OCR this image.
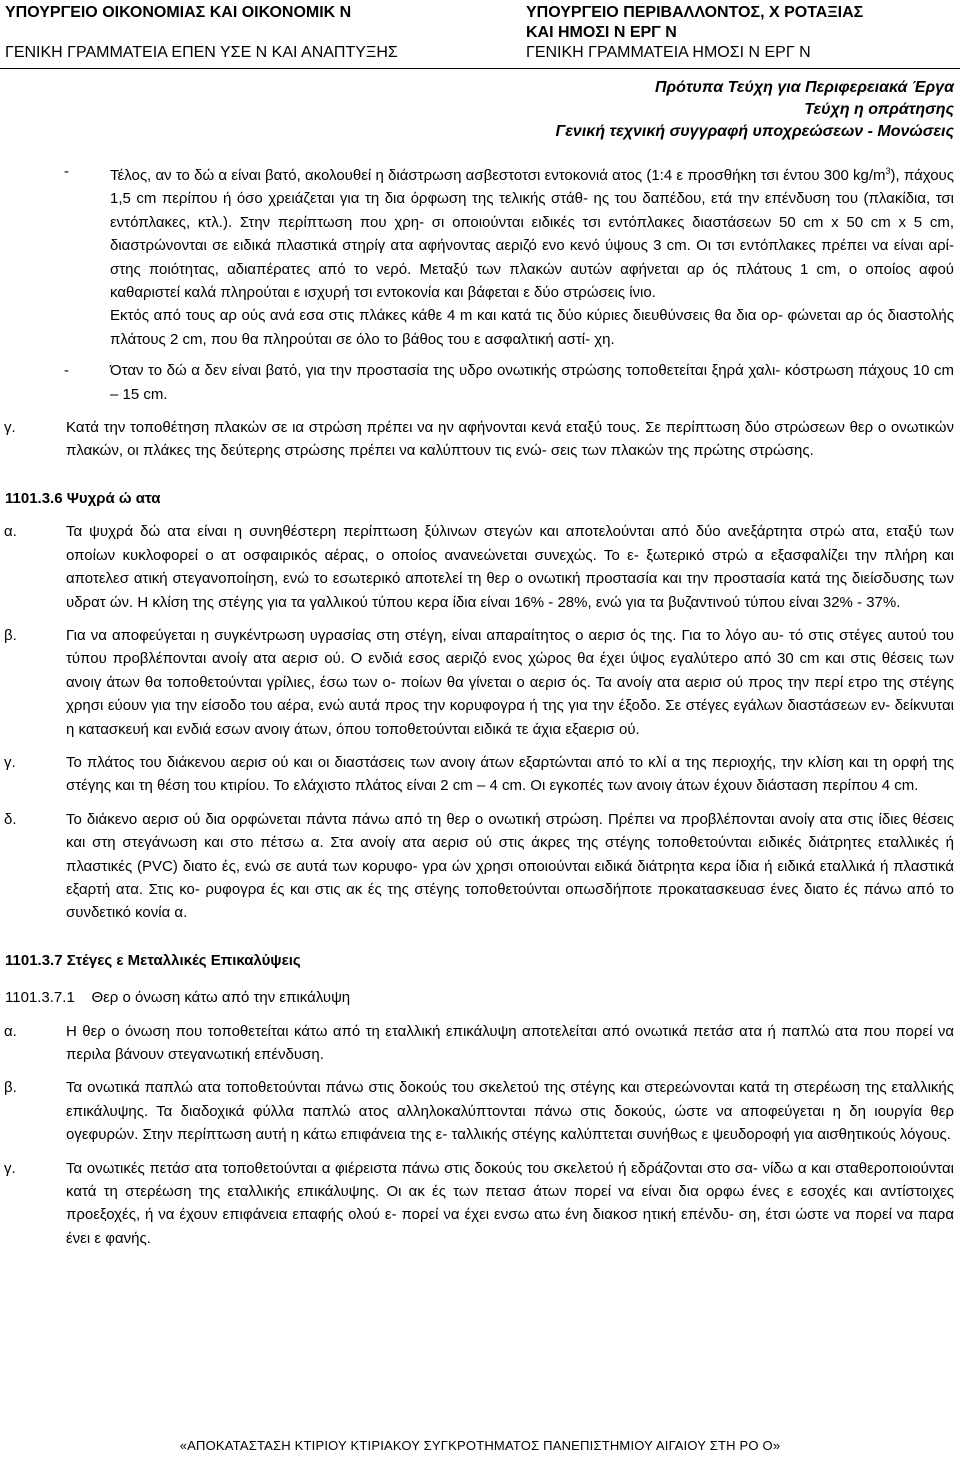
ΥΠΟΥΡΓΕΙΟ ΟΙΚΟΝΟΜΙΑΣ ΚΑΙ ΟΙΚΟΝΟΜΙΚ Ν	ΥΠΟΥΡΓΕΙΟ ΠΕΡΙΒΑΛΛΟΝΤΟΣ, Χ ΡΟΤΑΞΙΑΣ
ΚΑΙ ΗΜΟΣΙ Ν ΕΡΓ Ν
ΓΕΝΙΚΗ ΓΡΑΜΜΑΤΕΙΑ ΕΠΕΝ ΥΣΕ Ν ΚΑΙ ΑΝΑΠΤΥΞΗΣ	ΓΕΝΙΚΗ ΓΡΑΜΜΑΤΕΙΑ ΗΜΟΣΙ Ν ΕΡΓ Ν
Πρότυπα Τεύχη για Περιφερειακά Έργα
Τεύχη η οπράτησης
Γενική τεχνική συγγραφή υποχρεώσεων - Μονώσεις
-	Τέλος, αν το δώ α είναι βατό, ακολουθεί η διάστρωση ασβεστοτσι εντοκονιά ατος (1:4 ε προσθήκη τσι έντου 300 $kg/m^3$), πάχους 1,5 cm περίπου ή όσο χρειάζεται για τη δια όρφωση της τελικής στάθ- ης του δαπέδου, ετά την επένδυση του (πλακίδια, τσι εντόπλακες, κτλ.). Στην περίπτωση που χρη- σι οποιούνται ειδικές τσι εντόπλακες διαστάσεων 50 cm x 50 cm x 5 cm, διαστρώνονται σε ειδικά πλαστικά στηρίγ ατα αφήνοντας αεριζό ενο κενό ύψους 3 cm. Οι τσι εντόπλακες πρέπει να είναι αρί- στης ποιότητας, αδιαπέρατες από το νερό. Μεταξύ των πλακών αυτών αφήνεται αρ ός πλάτους 1 cm, ο οποίος αφού καθαριστεί καλά πληρούται ε ισχυρή τσι εντοκονία και βάφεται ε δύο στρώσεις ίνιο.

Εκτός από τους αρ ούς ανά εσα στις πλάκες κάθε 4 m και κατά τις δύο κύριες διευθύνσεις θα δια ορ- φώνεται αρ ός διαστολής πλάτους 2 cm, που θα πληρούται σε όλο το βάθος του ε ασφαλτική αστί- χη.

-	Όταν το δώ α δεν είναι βατό, για την προστασία της υδρο ονωτικής στρώσης τοποθετείται ξηρά χαλι- κόστρωση πάχους 10 cm – 15 cm.

γ.	Κατά την τοποθέτηση πλακών σε ια στρώση πρέπει να ην αφήνονται κενά εταξύ τους. Σε περίπτωση δύο στρώσεων θερ ο ονωτικών πλακών, οι πλάκες της δεύτερης στρώσης πρέπει να καλύπτουν τις ενώ- σεις των πλακών της πρώτης στρώσης.
1101.3.6 Ψυχρά ώ ατα
α.	Τα ψυχρά δώ ατα είναι η συνηθέστερη περίπτωση ξύλινων στεγών και αποτελούνται από δύο ανεξάρτητα στρώ ατα, εταξύ των οποίων κυκλοφορεί ο ατ οσφαιρικός αέρας, ο οποίος ανανεώνεται συνεχώς. Το ε- ξωτερικό στρώ α εξασφαλίζει την πλήρη και αποτελεσ ατική στεγανοποίηση, ενώ το εσωτερικό αποτελεί τη θερ ο ονωτική προστασία και την προστασία κατά της διείσδυσης των υδρατ ών. Η κλίση της στέγης για τα γαλλικού τύπου κερα ίδια είναι 16% - 28%, ενώ για τα βυζαντινού τύπου είναι 32% - 37%.
β.	Για να αποφεύγεται η συγκέντρωση υγρασίας στη στέγη, είναι απαραίτητος ο αερισ ός της. Για το λόγο αυ- τό στις στέγες αυτού του τύπου προβλέπονται ανοίγ ατα αερισ ού. Ο ενδιά εσος αεριζό ενος χώρος θα έχει ύψος εγαλύτερο από 30 cm και στις θέσεις των ανοιγ άτων θα τοποθετούνται γρίλιες, έσω των ο- ποίων θα γίνεται ο αερισ ός. Τα ανοίγ ατα αερισ ού προς την περί ετρο της στέγης χρησι εύουν για την είσοδο του αέρα, ενώ αυτά προς την κορυφογρα ή της για την έξοδο. Σε στέγες εγάλων διαστάσεων εν- δείκνυται η κατασκευή και ενδιά εσων ανοιγ άτων, όπου τοποθετούνται ειδικά τε άχια εξαερισ ού.
γ.	Το πλάτος του διάκενου αερισ ού και οι διαστάσεις των ανοιγ άτων εξαρτώνται από το κλί α της περιοχής, την κλίση και τη ορφή της στέγης και τη θέση του κτιρίου. Το ελάχιστο πλάτος είναι 2 cm – 4 cm. Οι εγκοπές των ανοιγ άτων έχουν διάσταση περίπου 4 cm.
δ.	Το διάκενο αερισ ού δια ορφώνεται πάντα πάνω από τη θερ ο ονωτική στρώση. Πρέπει να προβλέπονται ανοίγ ατα στις ίδιες θέσεις και στη στεγάνωση και στο πέτσω α. Στα ανοίγ ατα αερισ ού στις άκρες της στέγης τοποθετούνται ειδικές διάτρητες εταλλικές ή πλαστικές (PVC) διατο ές, ενώ σε αυτά των κορυφο- γρα ών χρησι οποιούνται ειδικά διάτρητα κερα ίδια ή ειδικά εταλλικά ή πλαστικά εξαρτή ατα. Στις κο- ρυφογρα ές και στις ακ ές της στέγης τοποθετούνται οπωσδήποτε προκατασκευασ ένες διατο ές πάνω από το συνδετικό κονία α.
1101.3.7 Στέγες ε Μεταλλικές Επικαλύψεις
1101.3.7.1    Θερ ο όνωση κάτω από την επικάλυψη
α.	Η θερ ο όνωση που τοποθετείται κάτω από τη εταλλική επικάλυψη αποτελείται από ονωτικά πετάσ ατα ή παπλώ ατα που πορεί να περιλα βάνουν στεγανωτική επένδυση.
β.	Τα ονωτικά παπλώ ατα τοποθετούνται πάνω στις δοκούς του σκελετού της στέγης και στερεώνονται κατά τη στερέωση της εταλλικής επικάλυψης. Τα διαδοχικά φύλλα παπλώ ατος αλληλοκαλύπτονται πάνω στις δοκούς, ώστε να αποφεύγεται η δη ιουργία θερ ογεφυρών. Στην περίπτωση αυτή η κάτω επιφάνεια της ε- ταλλικής στέγης καλύπτεται συνήθως ε ψευδοροφή για αισθητικούς λόγους.
γ.	Τα ονωτικές πετάσ ατα τοποθετούνται α φιέρειστα πάνω στις δοκούς του σκελετού ή εδράζονται στο σα- νίδω α και σταθεροποιούνται κατά τη στερέωση της εταλλικής επικάλυψης. Οι ακ ές των πετασ άτων πορεί να είναι δια ορφω ένες ε εσοχές και αντίστοιχες προεξοχές, ή να έχουν επιφάνεια επαφής ολού ε- πορεί να έχει ενσω ατω ένη διακοσ ητική επένδυ- ση, έτσι ώστε να πορεί να παρα ένει ε φανής.
«ΑΠΟΚΑΤΑΣΤΑΣΗ ΚΤΙΡΙΟΥ ΚΤΙΡΙΑΚΟΥ ΣΥΓΚΡΟΤΗΜΑΤΟΣ ΠΑΝΕΠΙΣΤΗΜΙΟΥ ΑΙΓΑΙΟΥ ΣΤΗ ΡΟ Ο»
